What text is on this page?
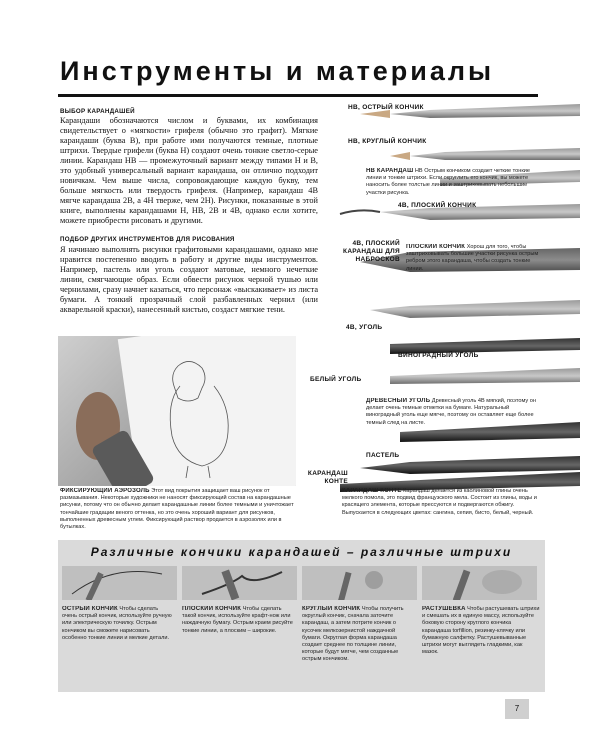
Инструменты и материалы
ВЫБОР КАРАНДАШЕЙ
Карандаши обозначаются числом и буквами, их комбинация свидетельствует о «мягкости» грифеля (обычно это графит). Мягкие карандаши (буква В), при работе ими получаются темные, плотные штрихи. Твердые грифели (буква Н) создают очень тонкие светло-серые линии. Карандаш НВ — промежуточный вариант между типами Н и В, это удобный универсальный вариант карандаша, он отлично подходит новичкам. Чем выше числа, сопровождающие каждую букву, тем больше мягкость или твердость грифеля. (Например, карандаш 4В мягче карандаша 2В, а 4Н тверже, чем 2Н). Рисунки, показанные в этой книге, выполнены карандашами Н, НВ, 2В и 4В, однако если хотите, можете приобрести рисовать и другими.
ПОДБОР ДРУГИХ ИНСТРУМЕНТОВ ДЛЯ РИСОВАНИЯ
Я начинаю выполнять рисунки графитовыми карандашами, однако мне нравится постепенно вводить в работу и другие виды инструментов. Например, пастель или уголь создают матовые, немного нечеткие линии, смягчающие образ. Если обвести рисунок черной тушью или чернилами, сразу начнет казаться, что персонаж «выскакивает» из листа бумаги. А тонкий прозрачный слой разбавленных чернил (или акварельной краски), нанесенный кистью, создаст мягкие тени.
ФИКСИРУЮЩИЙ АЭРОЗОЛЬ Этот вид покрытия защищает ваш рисунок от размазывания. Некоторые художники не наносят фиксирующий состав на карандашные рисунки, потому что он обычно делает карандашные линии более темными и уничтожает тончайшие градации веного оттенка, но это очень хороший вариант для рисунков, выполненных древесным углем. Фиксирующий раствор продается в аэрозолях или в бутылках.
НВ, ОСТРЫЙ КОНЧИК
НВ, КРУГЛЫЙ КОНЧИК
НВ КАРАНДАШ НВ Острым кончиком создает четкие тонкие линии и тонкие штрихи. Если округлить его кончик, вы можете наносить более толстые линии и заштриховывать небольшие участки рисунка.
4В, ПЛОСКИЙ КОНЧИК
4В, ПЛОСКИЙ КАРАНДАШ ДЛЯ НАБРОСКОВ
ПЛОСКИЙ КОНЧИК Хорош для того, чтобы заштриховывать большие участки рисунка острым ребром этого карандаша, чтобы создать тонкие линии.
4В, УГОЛЬ
ВИНОГРАДНЫЙ УГОЛЬ
БЕЛЫЙ УГОЛЬ
ДРЕВЕСНЫЙ УГОЛЬ Древесный уголь 4В мягкий, поэтому он делает очень темные отметки на бумаге. Натуральный виноградный уголь еще мягче, поэтому он оставляет еще более темный след на листе.
ПАСТЕЛЬ
КАРАНДАШ КОНТЕ
КАРАНДАШ КОНТЕ Карандаш делается из каолиновой глины очень мелкого помола, это подвид французского мела. Состоит из глины, воды и красящего элемента, которые прессуются и подвергаются обжигу. Выпускается в следующих цветах: сангина, сепия, бисто, белый, черный.
Различные кончики карандашей – различные штрихи
ОСТРЫЙ КОНЧИК Чтобы сделать очень острый кончик, используйте ручную или электрическую точилку. Острым кончиком вы сможете нарисовать особенно тонкие линии и мелкие детали.
ПЛОСКИЙ КОНЧИК Чтобы сделать такой кончик, используйте крафт-нож или наждачную бумагу. Острым краем рисуйте тонкие линии, а плоским – широкие.
КРУГЛЫЙ КОНЧИК Чтобы получить округлый кончик, сначала заточите карандаш, а затем потрите кончик о кусочек мелкозернистой наждачной бумаги. Округлая форма карандаша создает среднее по толщине линии, которые будут мягче, чем созданные острым кончиком.
РАСТУШЕВКА Чтобы растушевать штрихи и смешать их в единую массу, используйте боковую сторону круглого кончика карандаша torfillion, резинку-клячку или бумажную салфетку. Растушевыванные штрихи могут выглядеть гладкими, как мазок.
7
